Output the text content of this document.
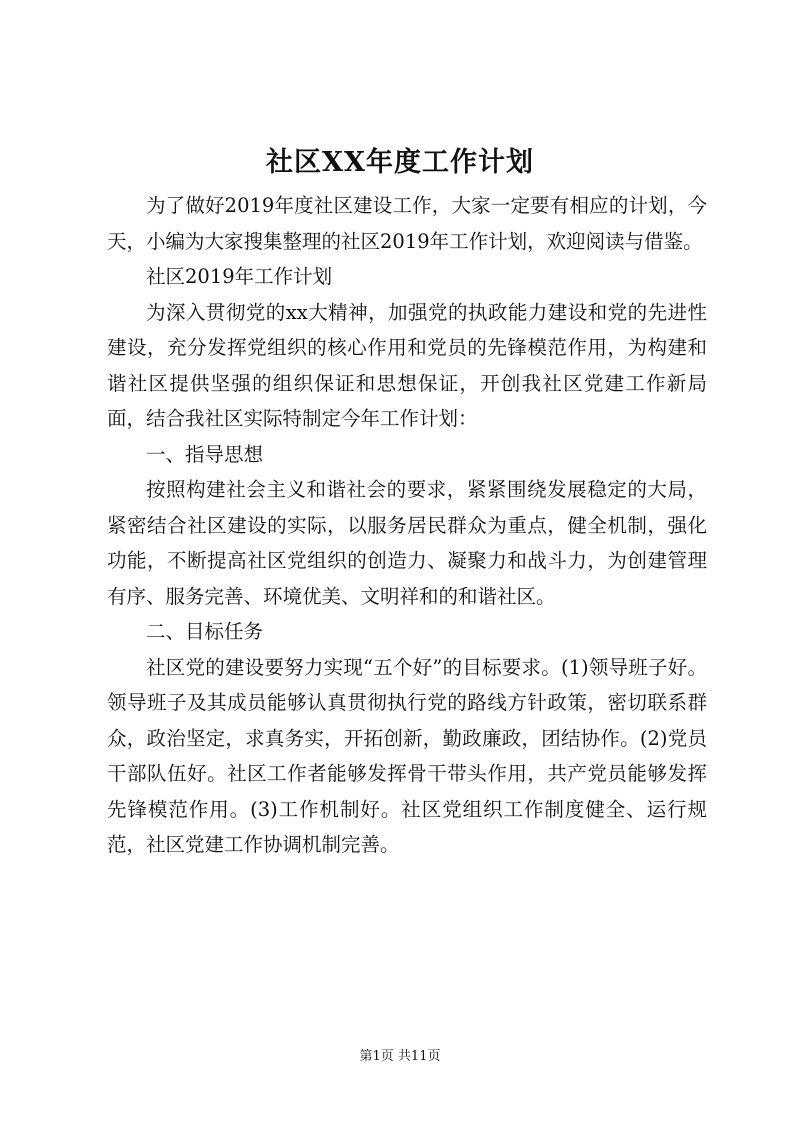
社区XX年度工作计划

为了做好2019年度社区建设工作，大家一定要有相应的计划，今天，小编为大家搜集整理的社区2019年工作计划，欢迎阅读与借鉴。

社区2019年工作计划

为深入贯彻党的xx大精神，加强党的执政能力建设和党的先进性建设，充分发挥党组织的核心作用和党员的先锋模范作用，为构建和谐社区提供坚强的组织保证和思想保证，开创我社区党建工作新局面，结合我社区实际特制定今年工作计划：

一、指导思想

按照构建社会主义和谐社会的要求，紧紧围绕发展稳定的大局，紧密结合社区建设的实际，以服务居民群众为重点，健全机制，强化功能，不断提高社区党组织的创造力、凝聚力和战斗力，为创建管理有序、服务完善、环境优美、文明祥和的和谐社区。

二、目标任务

社区党的建设要努力实现“五个好”的目标要求。(1)领导班子好。领导班子及其成员能够认真贯彻执行党的路线方针政策，密切联系群众，政治坚定，求真务实，开拓创新，勤政廉政，团结协作。(2)党员干部队伍好。社区工作者能够发挥骨干带头作用，共产党员能够发挥先锋模范作用。(3)工作机制好。社区党组织工作制度健全、运行规范，社区党建工作协调机制完善。

第1页 共11页
